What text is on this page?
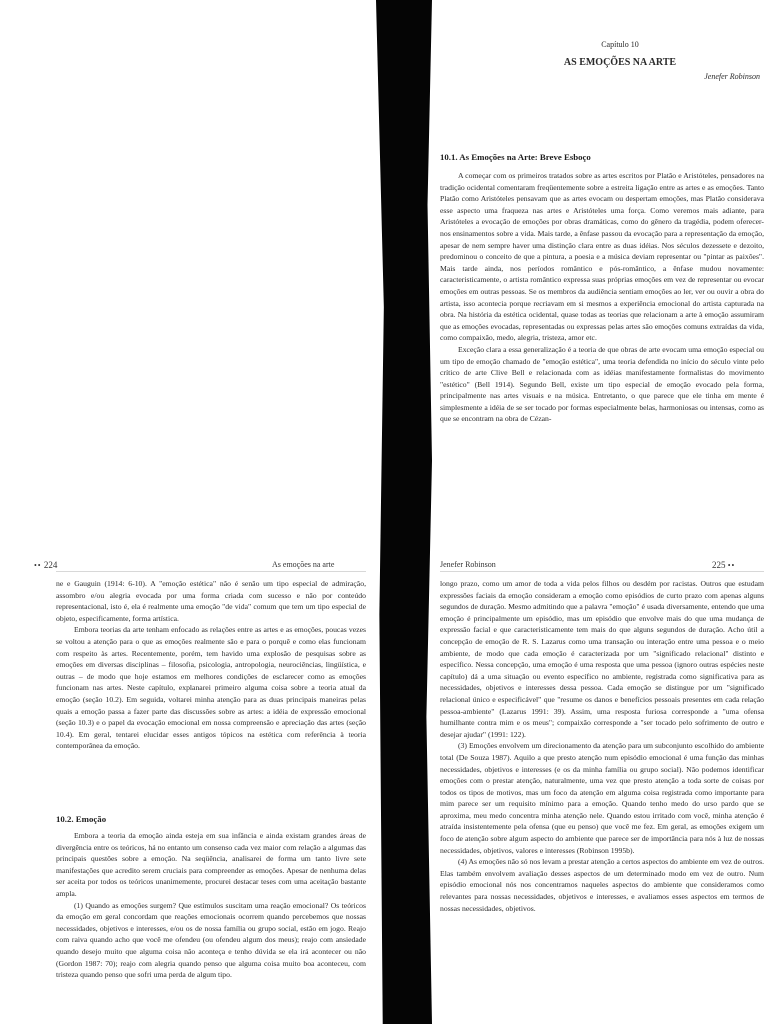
Capítulo 10
AS EMOÇÕES NA ARTE
Jenefer Robinson
10.1. As Emoções na Arte: Breve Esboço

A começar com os primeiros tratados sobre as artes escritos por Platão e Aristóteles, pensadores na tradição ocidental comentaram freqüentemente sobre a estreita ligação entre as artes e as emoções. Tanto Platão como Aristóteles pensavam que as artes evocam ou despertam emoções, mas Platão considerava esse aspecto uma fraqueza nas artes e Aristóteles uma força. Como veremos mais adiante, para Aristóteles a evocação de emoções por obras dramáticas, como do gênero da tragédia, podem oferecer-nos ensinamentos sobre a vida. Mais tarde, a ênfase passou da evocação para a representação da emoção, apesar de nem sempre haver uma distinção clara entre as duas idéias. Nos séculos dezessete e dezoito, predominou o conceito de que a pintura, a poesia e a música deviam representar ou "pintar as paixões". Mais tarde ainda, nos períodos romântico e pós-romântico, a ênfase mudou novamente: caracteristicamente, o artista romântico expressa suas próprias emoções em vez de representar ou evocar emoções em outras pessoas. Se os membros da audiência sentiam emoções ao ler, ver ou ouvir a obra do artista, isso acontecia porque recriavam em si mesmos a experiência emocional do artista capturada na obra. Na história da estética ocidental, quase todas as teorias que relacionam a arte à emoção assumiram que as emoções evocadas, representadas ou expressas pelas artes são emoções comuns extraídas da vida, como compaixão, medo, alegria, tristeza, amor etc.

Exceção clara a essa generalização é a teoria de que obras de arte evocam uma emoção especial ou um tipo de emoção chamado de "emoção estética", uma teoria defendida no início do século vinte pelo crítico de arte Clive Bell e relacionada com as idéias manifestamente formalistas do movimento "estético" (Bell 1914). Segundo Bell, existe um tipo especial de emoção evocado pela forma, principalmente nas artes visuais e na música. Entretanto, o que parece que ele tinha em mente é simplesmente a idéia de se ser tocado por formas especialmente belas, harmoniosas ou intensas, como as que se encontram na obra de Cézan-

•• 224	As emoções na arte

ne e Gauguin (1914: 6-10). A "emoção estética" não é senão um tipo especial de admiração, assombro e/ou alegria evocada por uma forma criada com sucesso e não por conteúdo representacional, isto é, ela é realmente uma emoção "de vida" comum que tem um tipo especial de objeto, especificamente, forma artística.

Embora teorias da arte tenham enfocado as relações entre as artes e as emoções, poucas vezes se voltou a atenção para o que as emoções realmente são e para o porquê e como elas funcionam com respeito às artes. Recentemente, porém, tem havido uma explosão de pesquisas sobre as emoções em diversas disciplinas – filosofia, psicologia, antropologia, neurociências, lingüística, e outras – de modo que hoje estamos em melhores condições de esclarecer como as emoções funcionam nas artes. Neste capítulo, explanarei primeiro alguma coisa sobre a teoria atual da emoção (seção 10.2). Em seguida, voltarei minha atenção para as duas principais maneiras pelas quais a emoção passa a fazer parte das discussões sobre as artes: a idéia de expressão emocional (seção 10.3) e o papel da evocação emocional em nossa compreensão e apreciação das artes (seção 10.4). Em geral, tentarei elucidar esses antigos tópicos na estética com referência à teoria contemporânea da emoção.

10.2. Emoção

Embora a teoria da emoção ainda esteja em sua infância e ainda existam grandes áreas de divergência entre os teóricos, há no entanto um consenso cada vez maior com relação a algumas das principais questões sobre a emoção. Na seqüência, analisarei de forma um tanto livre sete manifestações que acredito serem cruciais para compreender as emoções. Apesar de nenhuma delas ser aceita por todos os teóricos unanimemente, procurei destacar teses com uma aceitação bastante ampla.

(1) Quando as emoções surgem? Que estímulos suscitam uma reação emocional? Os teóricos da emoção em geral concordam que reações emocionais ocorrem quando percebemos que nossas necessidades, objetivos e interesses, e/ou os de nossa família ou grupo social, estão em jogo. Reajo com raiva quando acho que você me ofendeu (ou ofendeu algum dos meus); reajo com ansiedade quando desejo muito que alguma coisa não aconteça e tenho dúvida se ela irá acontecer ou não (Gordon 1987: 70); reajo com alegria quando penso que alguma coisa muito boa aconteceu, com tristeza quando penso que sofri uma perda de algum tipo.

Jenefer Robinson	225 ••

longo prazo, como um amor de toda a vida pelos filhos ou desdém por racistas. Outros que estudam expressões faciais da emoção consideram a emoção como episódios de curto prazo com apenas alguns segundos de duração. Mesmo admitindo que a palavra "emoção" é usada diversamente, entendo que uma emoção é principalmente um episódio, mas um episódio que envolve mais do que uma mudança de expressão facial e que caracteristicamente tem mais do que alguns segundos de duração. Acho útil a concepção de emoção de R. S. Lazarus como uma transação ou interação entre uma pessoa e o meio ambiente, de modo que cada emoção é caracterizada por um "significado relacional" distinto e específico. Nessa concepção, uma emoção é uma resposta que uma pessoa (ignoro outras espécies neste capítulo) dá a uma situação ou evento específico no ambiente, registrada como significativa para as necessidades, objetivos e interesses dessa pessoa. Cada emoção se distingue por um "significado relacional único e especificável" que "resume os danos e benefícios pessoais presentes em cada relação pessoa-ambiente" (Lazarus 1991: 39). Assim, uma resposta furiosa corresponde a "uma ofensa humilhante contra mim e os meus"; compaixão corresponde a "ser tocado pelo sofrimento de outro e desejar ajudar" (1991: 122).

(3) Emoções envolvem um direcionamento da atenção para um subconjunto escolhido do ambiente total (De Souza 1987). Aquilo a que presto atenção num episódio emocional é uma função das minhas necessidades, objetivos e interesses (e os da minha família ou grupo social). Não podemos identificar emoções com o prestar atenção, naturalmente, uma vez que presto atenção a toda sorte de coisas por todos os tipos de motivos, mas um foco da atenção em alguma coisa registrada como importante para mim parece ser um requisito mínimo para a emoção. Quando tenho medo do urso pardo que se aproxima, meu medo concentra minha atenção nele. Quando estou irritado com você, minha atenção é atraída insistentemente pela ofensa (que eu penso) que você me fez. Em geral, as emoções exigem um foco de atenção sobre algum aspecto do ambiente que parece ser de importância para nós à luz de nossas necessidades, objetivos, valores e interesses (Robinson 1995b).

(4) As emoções não só nos levam a prestar atenção a certos aspectos do ambiente em vez de outros. Elas também envolvem avaliação desses aspectos de um determinado modo em vez de outro. Num episódio emocional nós nos concentramos naqueles aspectos do ambiente que consideramos como relevantes para nossas necessidades, objetivos e interesses, e avaliamos esses aspectos em termos de nossas necessidades, objetivos.
